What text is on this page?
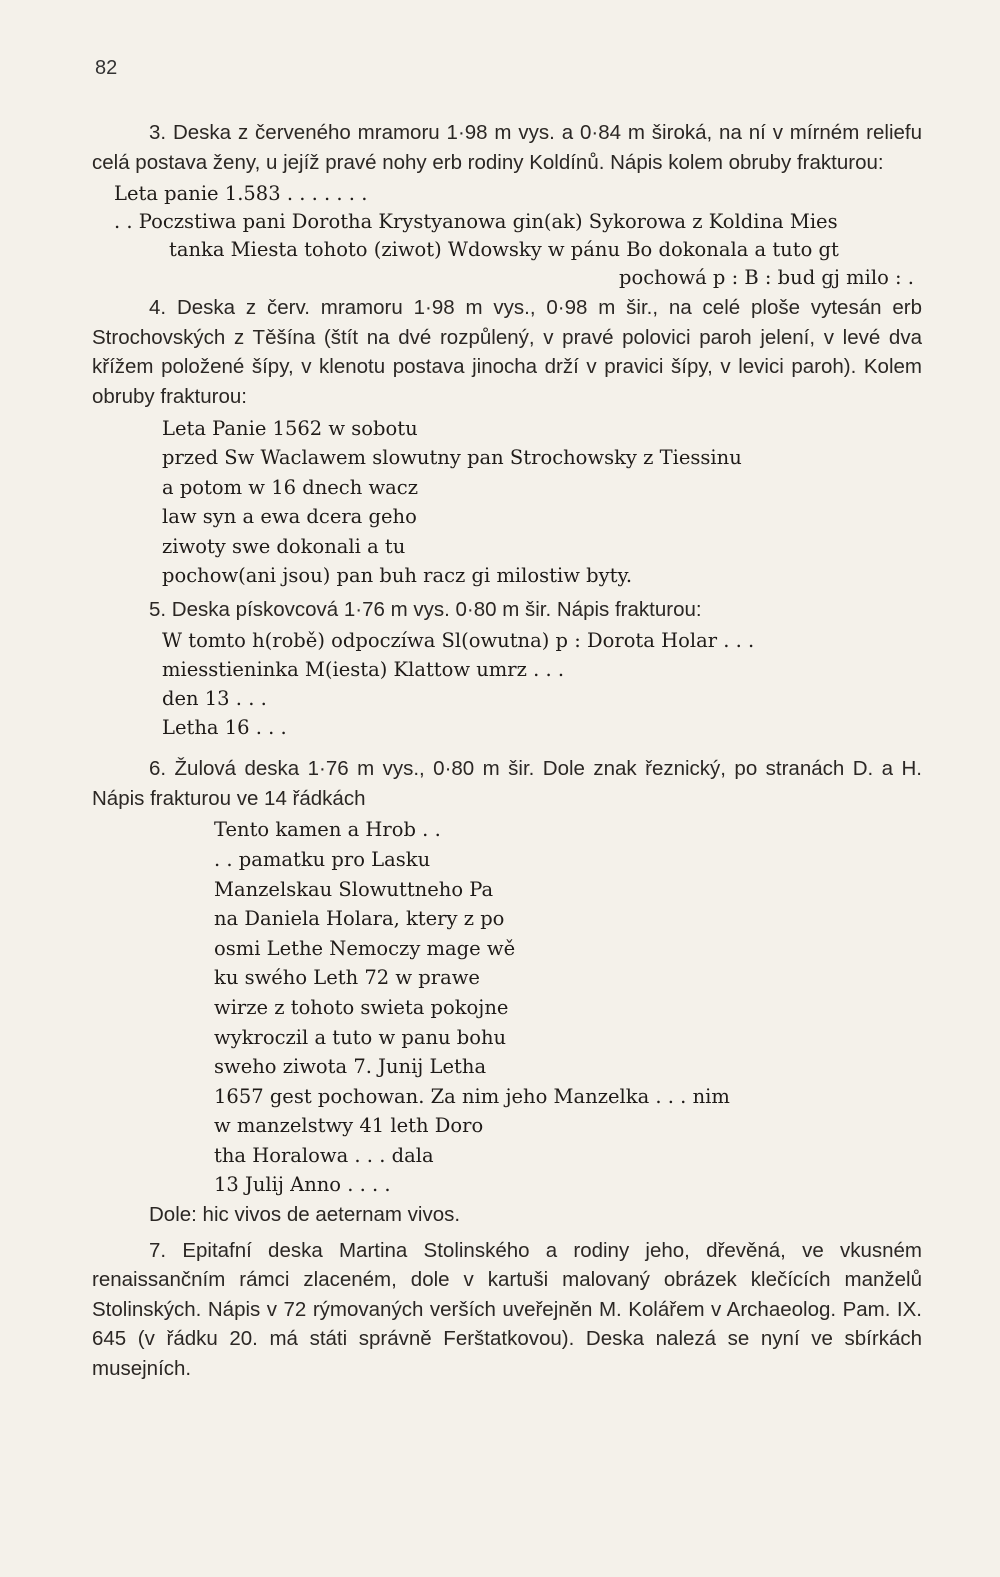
82

3. Deska z červeného mramoru 1·98 m vys. a 0·84 m široká, na ní v mírném reliefu celá postava ženy, u jejíž pravé nohy erb rodiny Koldínů. Nápis kolem obruby frakturou:

Leta panie 1.583 . . . . . . .
. . Poczstiwa pani Dorotha Krystyanowa gin(ak) Sykorowa z Koldina Mies
tanka Miesta tohoto (ziwot) Wdowsky w pánu Bo dokonala a tuto gt
pochowá p : B : bud gj milo : .

4. Deska z červ. mramoru 1·98 m vys., 0·98 m šir., na celé ploše vytesán erb Strochovských z Těšína (štít na dvé rozpůlený, v pravé polovici paroh jelení, v levé dva křížem položené šípy, v klenotu postava jinocha drží v pravici šípy, v levici paroh). Kolem obruby frakturou:

Leta Panie 1562 w sobotu
przed Sw Waclawem slowutny pan Strochowsky z Tiessinu
a potom w 16 dnech wacz
law syn a ewa dcera geho
ziwoty swe dokonali a tu
pochow(ani jsou) pan buh racz gi milostiw byty.

5. Deska pískovcová 1·76 m vys. 0·80 m šir. Nápis frakturou:

W tomto h(robě) odpoczíwa Sl(owutna) p : Dorota Holar . . .
miesstieninka M(iesta) Klattow umrz . . .
den 13 . . .
Letha 16 . . .

6. Žulová deska 1·76 m vys., 0·80 m šir. Dole znak řeznický, po stranách D. a H. Nápis frakturou ve 14 řádkách

Tento kamen a Hrob . .
. . pamatku pro Lasku
Manzelskau Slowuttneho Pa
na Daniela Holara, ktery z po
osmi Lethe Nemoczy mage wě
ku swého Leth 72 w prawe
wirze z tohoto swieta pokojne
wykroczil a tuto w panu bohu
sweho ziwota 7. Junij Letha
1657 gest pochowan. Za nim jeho Manzelka . . . nim
w manzelstwy 41 leth Doro
tha Horalowa . . . dala
13 Julij Anno . . . .

Dole: hic vivos de aeternam vivos.

7. Epitafní deska Martina Stolinského a rodiny jeho, dřevěná, ve vkusném renaissančním rámci zlaceném, dole v kartuši malovaný obrázek klečících manželů Stolinských. Nápis v 72 rýmovaných verších uveřejněn M. Kolářem v Archaeolog. Pam. IX. 645 (v řádku 20. má státi správně Ferštatkovou). Deska nalezá se nyní ve sbírkách musejních.
